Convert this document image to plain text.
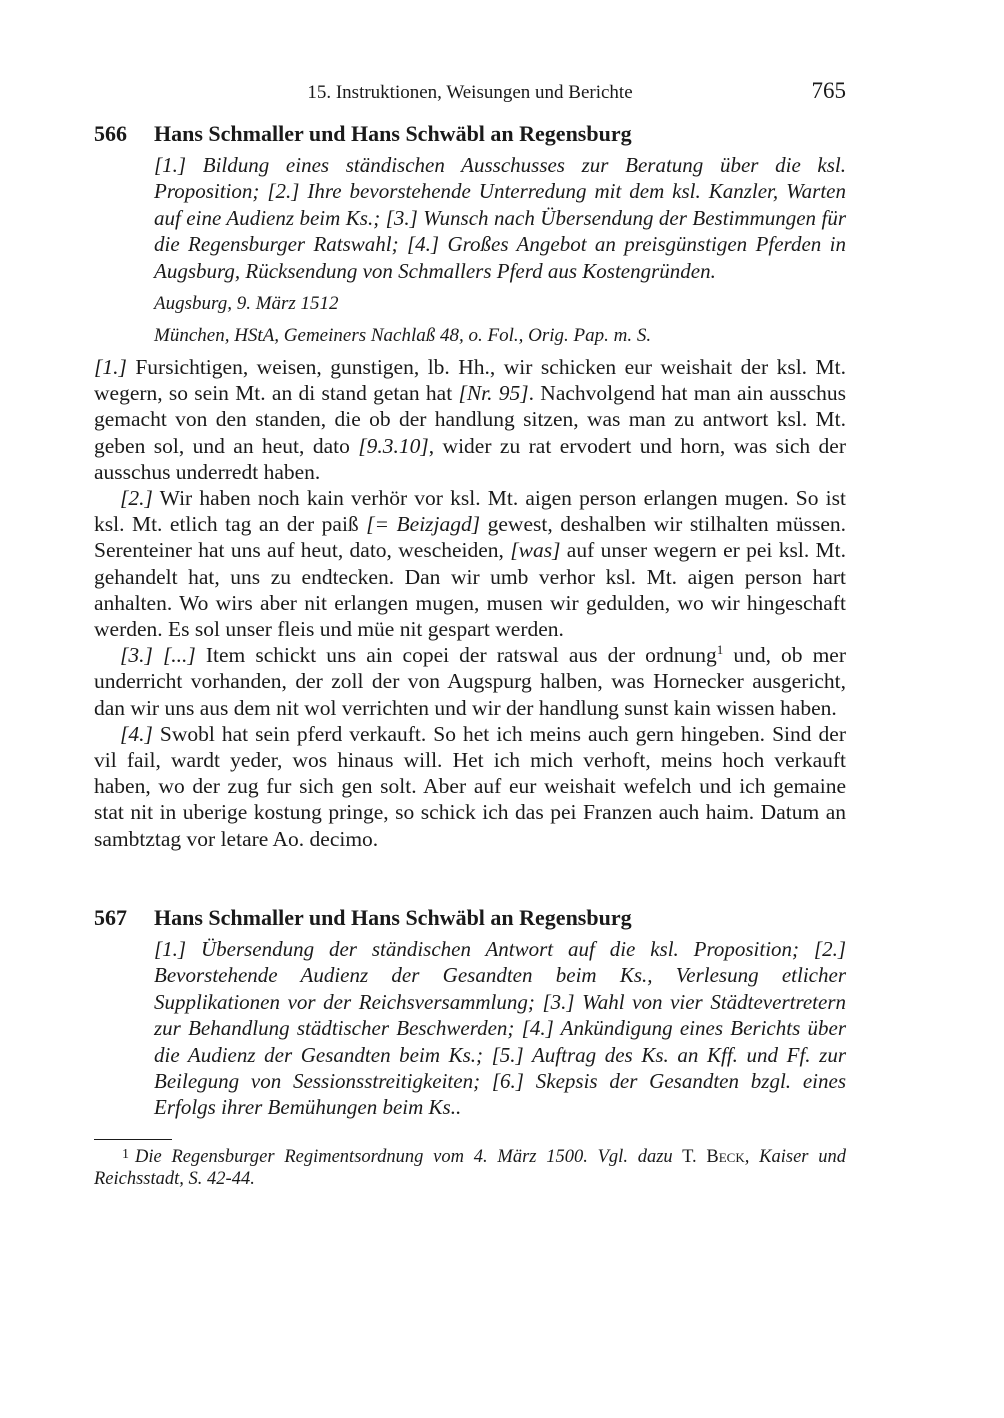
15. Instruktionen, Weisungen und Berichte	765
566	Hans Schmaller und Hans Schwäbl an Regensburg
[1.] Bildung eines ständischen Ausschusses zur Beratung über die ksl. Proposition; [2.] Ihre bevorstehende Unterredung mit dem ksl. Kanzler, Warten auf eine Audienz beim Ks.; [3.] Wunsch nach Übersendung der Bestimmungen für die Regensburger Ratswahl; [4.] Großes Angebot an preisgünstigen Pferden in Augsburg, Rücksendung von Schmallers Pferd aus Kostengründen.
Augsburg, 9. März 1512
München, HStA, Gemeiners Nachlaß 48, o. Fol., Orig. Pap. m. S.

[1.] Fursichtigen, weisen, gunstigen, lb. Hh., wir schicken eur weishait der ksl. Mt. wegern, so sein Mt. an di stand getan hat [Nr. 95]. Nachvolgend hat man ain ausschus gemacht von den standen, die ob der handlung sitzen, was man zu antwort ksl. Mt. geben sol, und an heut, dato [9.3.10], wider zu rat ervodert und horn, was sich der ausschus underredt haben.

[2.] Wir haben noch kain verhör vor ksl. Mt. aigen person erlangen mugen. So ist ksl. Mt. etlich tag an der paiß [= Beizjagd] gewest, deshalben wir stilhalten müssen. Serenteiner hat uns auf heut, dato, wescheiden, [was] auf unser wegern er pei ksl. Mt. gehandelt hat, uns zu endtecken. Dan wir umb verhor ksl. Mt. aigen person hart anhalten. Wo wirs aber nit erlangen mugen, musen wir gedulden, wo wir hingeschaft werden. Es sol unser fleis und müe nit gespart werden.

[3.] [...] Item schickt uns ain copei der ratswal aus der ordnung$^1$ und, ob mer underricht vorhanden, der zoll der von Augspurg halben, was Hornecker ausgericht, dan wir uns aus dem nit wol verrichten und wir der handlung sunst kain wissen haben.

[4.] Swobl hat sein pferd verkauft. So het ich meins auch gern hingeben. Sind der vil fail, wardt yeder, wos hinaus will. Het ich mich verhoft, meins hoch verkauft haben, wo der zug fur sich gen solt. Aber auf eur weishait wefelch und ich gemaine stat nit in uberige kostung pringe, so schick ich das pei Franzen auch haim. Datum an sambtztag vor letare Ao. decimo.

567	Hans Schmaller und Hans Schwäbl an Regensburg
[1.] Übersendung der ständischen Antwort auf die ksl. Proposition; [2.] Bevorstehende Audienz der Gesandten beim Ks., Verlesung etlicher Supplikationen vor der Reichsversammlung; [3.] Wahl von vier Städtevertretern zur Behandlung städtischer Beschwerden; [4.] Ankündigung eines Berichts über die Audienz der Gesandten beim Ks.; [5.] Auftrag des Ks. an Kff. und Ff. zur Beilegung von Sessionsstreitigkeiten; [6.] Skepsis der Gesandten bzgl. eines Erfolgs ihrer Bemühungen beim Ks..
$^1$ Die Regensburger Regimentsordnung vom 4. März 1500. Vgl. dazu T. Beck, Kaiser und Reichsstadt, S. 42-44.
